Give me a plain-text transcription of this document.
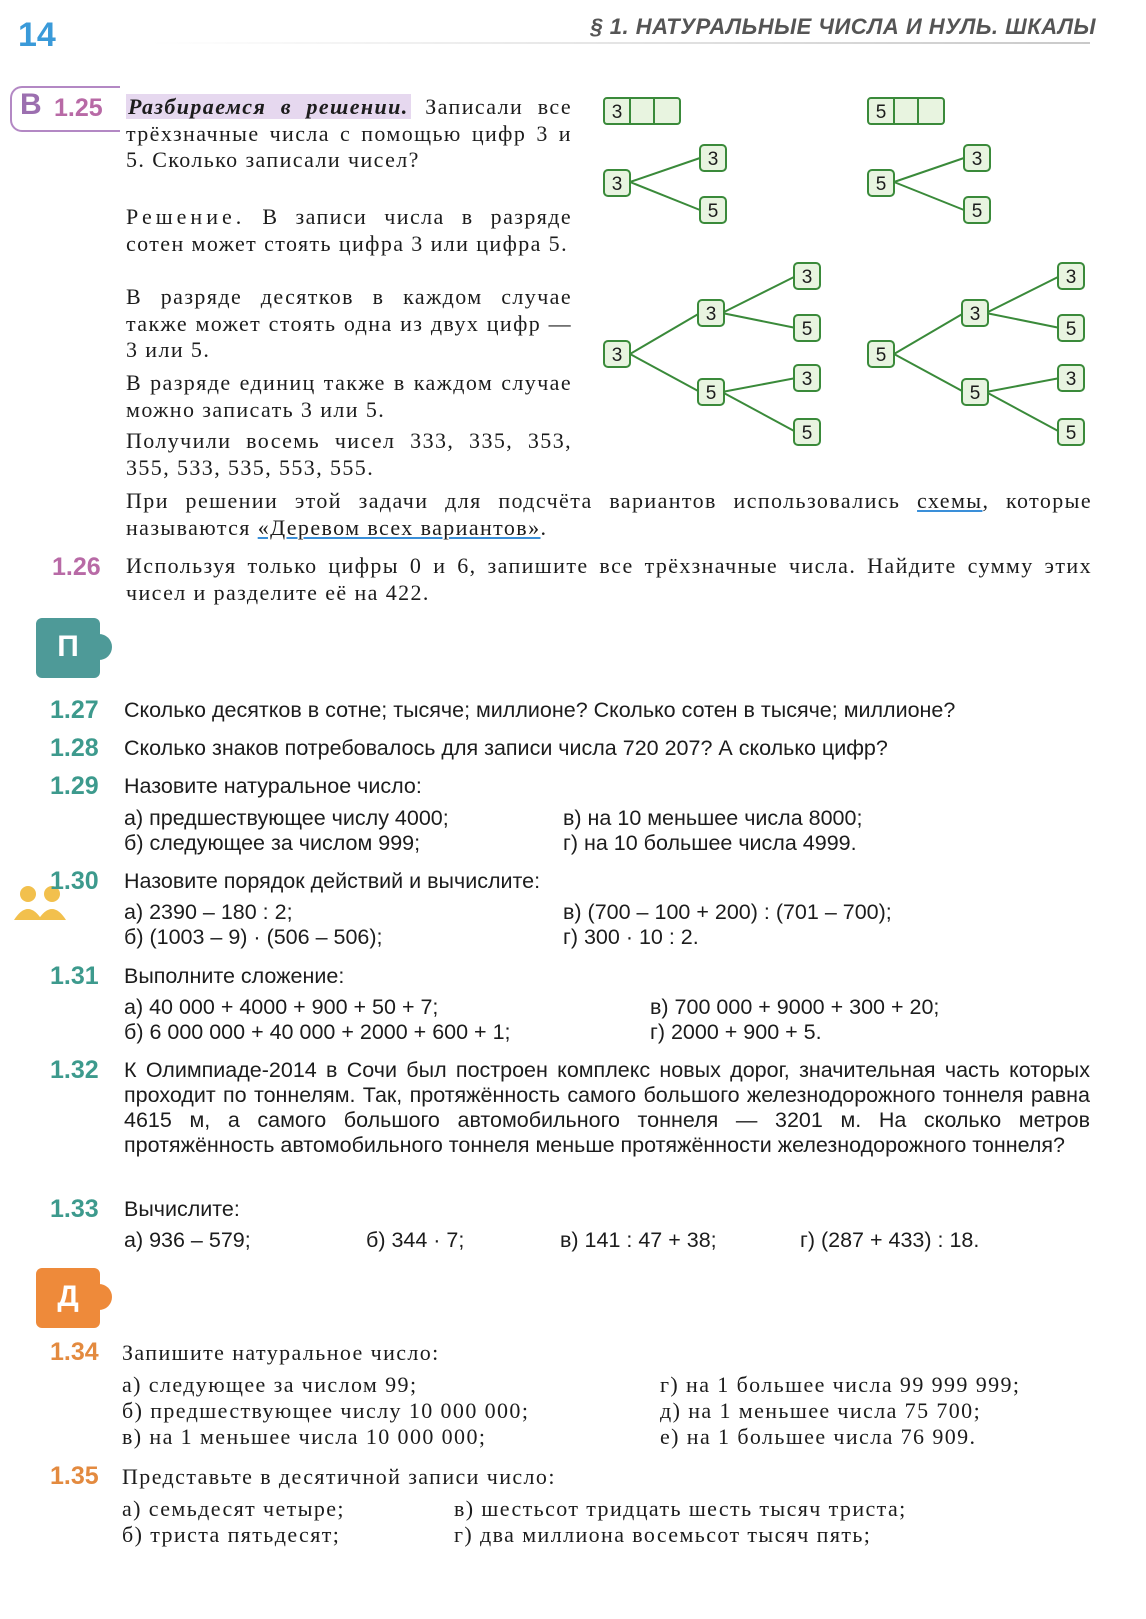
14	§ 1. НАТУРАЛЬНЫЕ ЧИСЛА И НУЛЬ. ШКАЛЫ
В 1.25 Разбираемся в решении. Записали все трёхзначные числа с помощью цифр 3 и 5. Сколько записали чисел?
Решение. В записи числа в разряде сотен может стоять цифра 3 или цифра 5.
В разряде десятков в каждом случае также может стоять одна из двух цифр — 3 или 5.
В разряде единиц также в каждом случае можно записать 3 или 5.
Получили восемь чисел 333, 335, 353, 355, 533, 535, 553, 555.
3	5
3
3
5
5
3
5
3
3
5
3
5
3
5
5
3
5
3
5
3
5
При решении этой задачи для подсчёта вариантов использовались схемы, которые называются «Деревом всех вариантов».
1.26 Используя только цифры 0 и 6, запишите все трёхзначные числа. Найдите сумму этих чисел и разделите её на 422.
П
1.27 Сколько десятков в сотне; тысяче; миллионе? Сколько сотен в тысяче; миллионе?
1.28 Сколько знаков потребовалось для записи числа 720 207? А сколько цифр?
1.29 Назовите натуральное число:
а) предшествующее числу 4000;
б) следующее за числом 999;
в) на 10 меньшее числа 8000;
г) на 10 большее числа 4999.
1.30 Назовите порядок действий и вычислите:
а) 2390 – 180 : 2;
б) (1003 – 9) · (506 – 506);
в) (700 – 100 + 200) : (701 – 700);
г) 300 · 10 : 2.
1.31 Выполните сложение:
а) 40 000 + 4000 + 900 + 50 + 7;
б) 6 000 000 + 40 000 + 2000 + 600 + 1;
в) 700 000 + 9000 + 300 + 20;
г) 2000 + 900 + 5.
1.32 К Олимпиаде-2014 в Сочи был построен комплекс новых дорог, значительная часть которых проходит по тоннелям. Так, протяжённость самого большого железнодорожного тоннеля равна 4615 м, а самого большого автомобильного тоннеля — 3201 м. На сколько метров протяжённость автомобильного тоннеля меньше протяжённости железнодорожного тоннеля?
1.33 Вычислите:
а) 936 – 579;	б) 344 · 7;	в) 141 : 47 + 38;	г) (287 + 433) : 18.
Д
1.34 Запишите натуральное число:
а) следующее за числом 99;
б) предшествующее числу 10 000 000;
в) на 1 меньшее числа 10 000 000;
г) на 1 большее числа 99 999 999;
д) на 1 меньшее числа 75 700;
е) на 1 большее числа 76 909.
1.35 Представьте в десятичной записи число:
а) семьдесят четыре;
б) триста пятьдесят;
в) шестьсот тридцать шесть тысяч триста;
г) два миллиона восемьсот тысяч пять;
